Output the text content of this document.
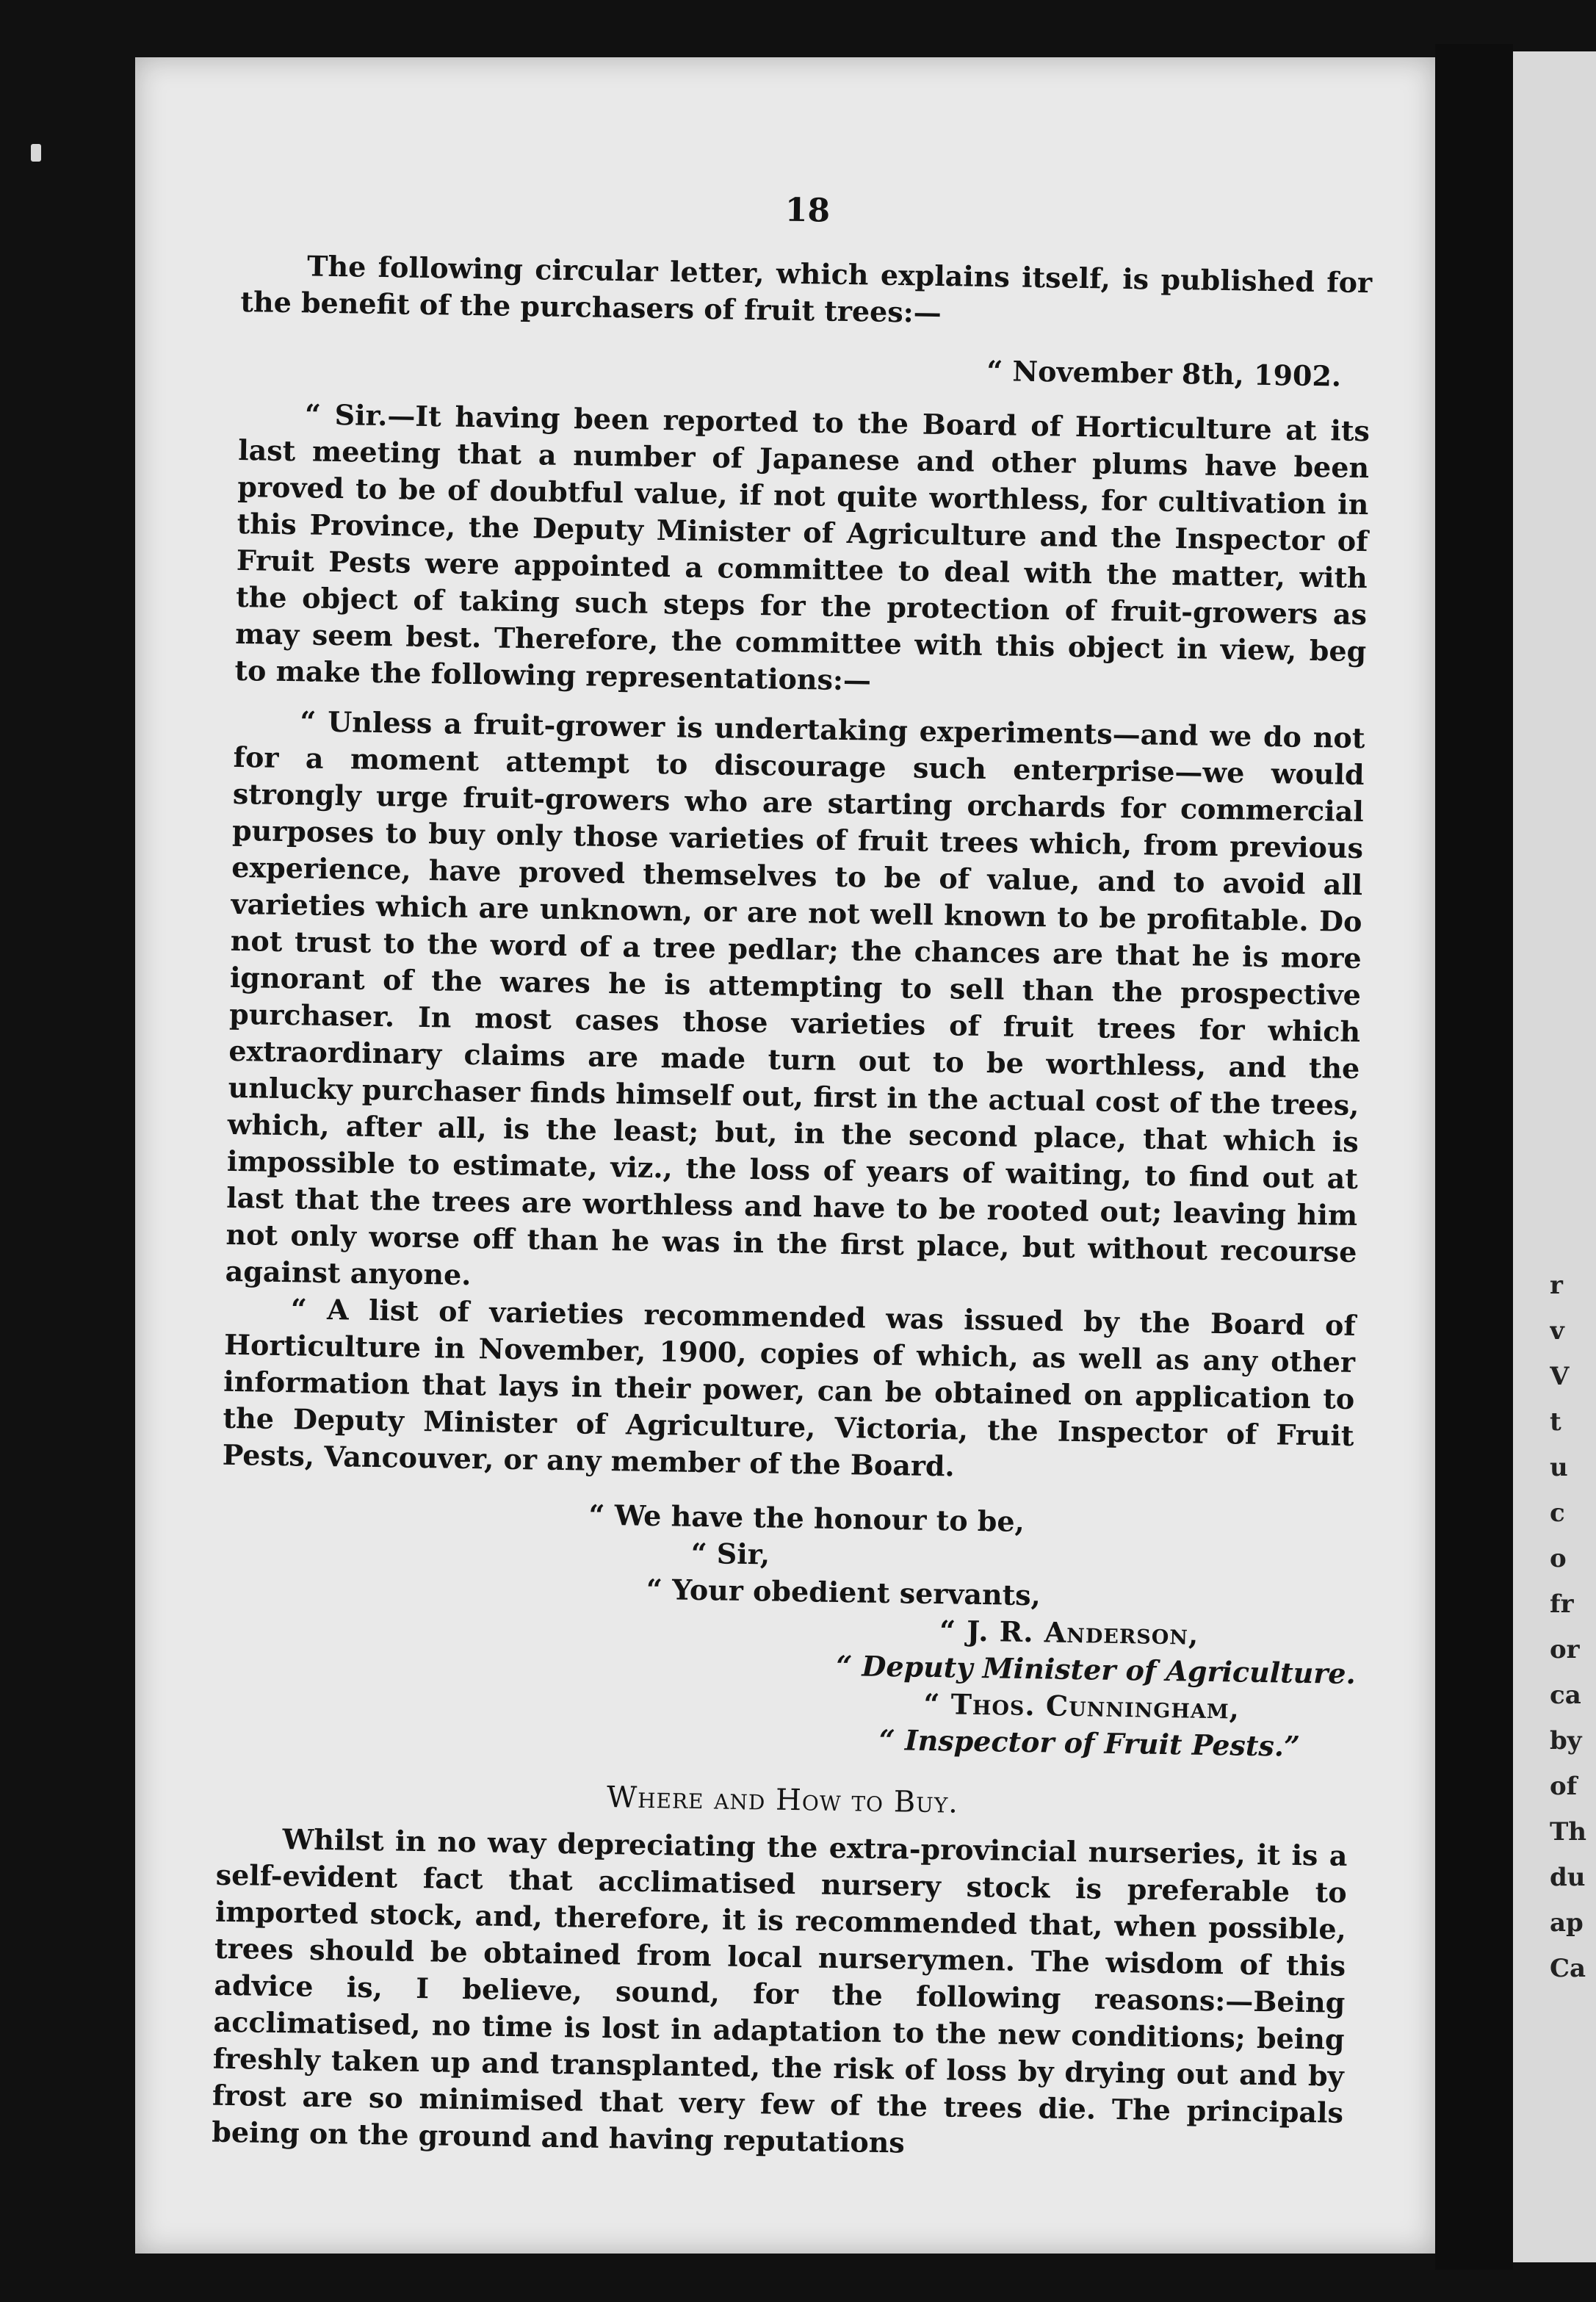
r
v
V
t
u
c
o
fr
or
ca
by
of
Th
du
ap
Ca
18

The following circular letter, which explains itself, is published for the benefit of the purchasers of fruit trees:—

“ November 8th, 1902.

“ Sir.—It having been reported to the Board of Horticulture at its last meeting that a number of Japanese and other plums have been proved to be of doubtful value, if not quite worthless, for cultivation in this Province, the Deputy Minister of Agriculture and the Inspector of Fruit Pests were appointed a committee to deal with the matter, with the object of taking such steps for the protection of fruit-growers as may seem best. Therefore, the committee with this object in view, beg to make the following representations:—

“ Unless a fruit-grower is undertaking experiments—and we do not for a moment attempt to discourage such enterprise—we would strongly urge fruit-growers who are starting orchards for commercial purposes to buy only those varieties of fruit trees which, from previous experience, have proved themselves to be of value, and to avoid all varieties which are unknown, or are not well known to be profitable. Do not trust to the word of a tree pedlar; the chances are that he is more ignorant of the wares he is attempting to sell than the prospective purchaser. In most cases those varieties of fruit trees for which extraordinary claims are made turn out to be worthless, and the unlucky purchaser finds himself out, first in the actual cost of the trees, which, after all, is the least; but, in the second place, that which is impossible to estimate, viz., the loss of years of waiting, to find out at last that the trees are worthless and have to be rooted out; leaving him not only worse off than he was in the first place, but without recourse against anyone.

“ A list of varieties recommended was issued by the Board of Horticulture in November, 1900, copies of which, as well as any other information that lays in their power, can be obtained on application to the Deputy Minister of Agriculture, Victoria, the Inspector of Fruit Pests, Vancouver, or any member of the Board.

“ We have the honour to be,
“ Sir,
“ Your obedient servants,
“ J. R. Anderson,
“ Deputy Minister of Agriculture.
“ Thos. Cunningham,
“ Inspector of Fruit Pests.”
Where and How to Buy.

Whilst in no way depreciating the extra-provincial nurseries, it is a self-evident fact that acclimatised nursery stock is preferable to imported stock, and, therefore, it is recommended that, when possible, trees should be obtained from local nurserymen. The wisdom of this advice is, I believe, sound, for the following reasons:—Being acclimatised, no time is lost in adaptation to the new conditions; being freshly taken up and transplanted, the risk of loss by drying out and by frost are so minimised that very few of the trees die. The principals being on the ground and having reputations
